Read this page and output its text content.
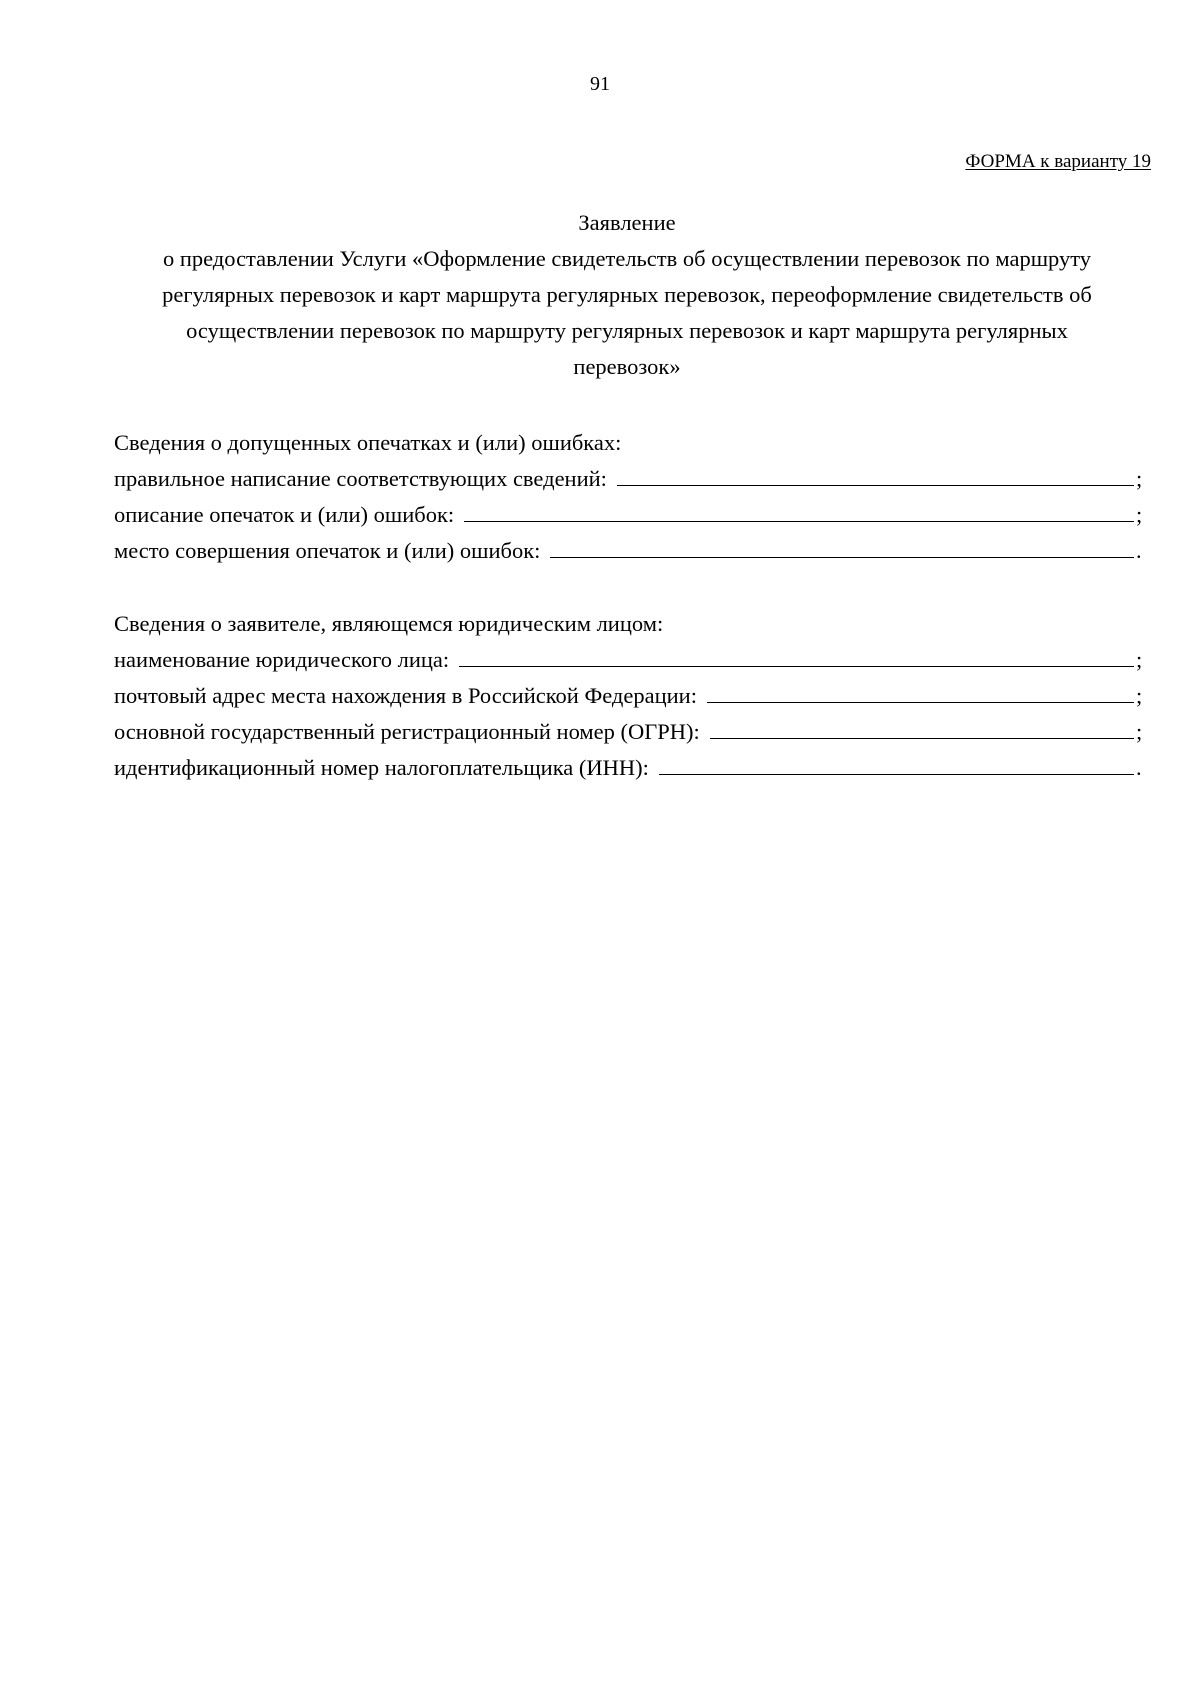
91
ФОРМА к варианту 19
Заявление
о предоставлении Услуги «Оформление свидетельств об осуществлении перевозок по маршруту
регулярных перевозок и карт маршрута регулярных перевозок, переоформление свидетельств об
осуществлении перевозок по маршруту регулярных перевозок и карт маршрута регулярных
перевозок»
Сведения о допущенных опечатках и (или) ошибках:
правильное написание соответствующих сведений:	;
описание опечаток и (или) ошибок:	;
место совершения опечаток и (или) ошибок:	.
Сведения о заявителе, являющемся юридическим лицом:
наименование юридического лица:	;
почтовый адрес места нахождения в Российской Федерации:	;
основной государственный регистрационный номер (ОГРН):	;
идентификационный номер налогоплательщика (ИНН):	.
